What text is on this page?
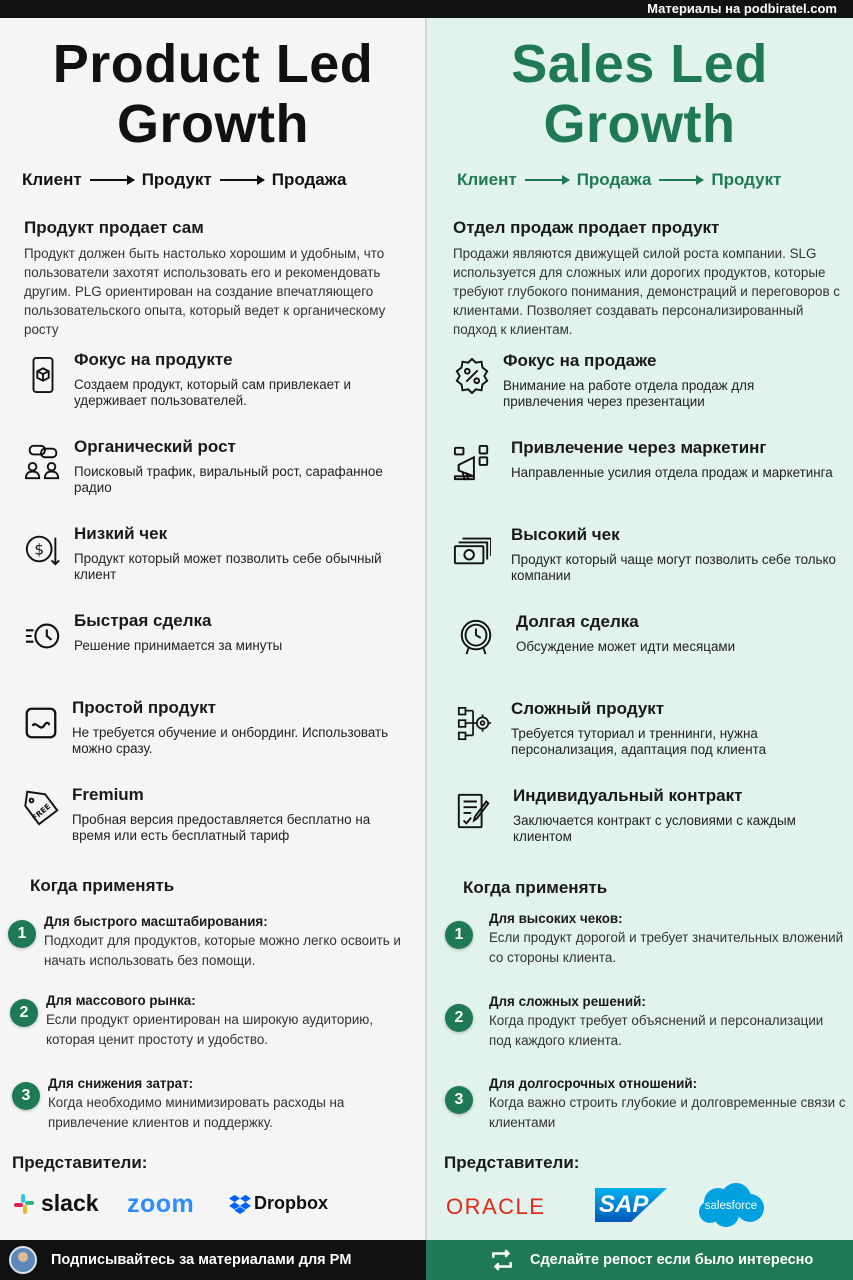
Материалы на podbiratel.com
Product Led
Growth
Клиент	Продукт	Продажа
Продукт продает сам
Продукт должен быть настолько хорошим и удобным, что пользователи захотят использовать его и рекомендовать другим. PLG ориентирован на создание впечатляющего пользовательского опыта, который ведет к органическому росту
Фокус на продукте
Создаем продукт, который сам привлекает и удерживает пользователей.
Органический рост
Поисковый трафик, виральный рост, сарафанное радио
$
Низкий чек
Продукт который может позволить себе обычный клиент
Быстрая сделка
Решение принимается за минуты
Простой продукт
Не требуется обучение и онбординг. Использовать можно сразу.
FREE
Fremium
Пробная версия предоставляется бесплатно на время или есть бесплатный тариф
Когда применять
1
Для быстрого масштабирования:
Подходит для продуктов, которые можно легко освоить и начать использовать без помощи.
2
Для массового рынка:
Если продукт ориентирован на широкую аудиторию, которая ценит простоту и удобство.
3
Для снижения затрат:
Когда необходимо минимизировать расходы на привлечение клиентов и поддержку.
Представители:
slack zoom	Dropbox
Sales Led
Growth
Клиент	Продажа	Продукт
Отдел продаж продает продукт
Продажи являются движущей силой роста компании. SLG используется для сложных или дорогих продуктов, которые требуют глубокого понимания, демонстраций и переговоров с клиентами. Позволяет создавать персонализированный подход к клиентам.
Фокус на продаже
Внимание на работе отдела продаж для привлечения через презентации
Привлечение через маркетинг
Направленные усилия отдела продаж и маркетинга
Высокий чек
Продукт который чаще могут позволить себе только компании
Долгая сделка
Обсуждение может идти месяцами
Сложный продукт
Требуется туториал и треннинги, нужна персонализация, адаптация под клиента
Индивидуальный контракт
Заключается контракт с условиями с каждым клиентом
Когда применять
1
Для высоких чеков:
Если продукт дорогой и требует значительных вложений со стороны клиента.
2
Для сложных решений:
Когда продукт требует объяснений и персонализации под каждого клиента.
3
Для долгосрочных отношений:
Когда важно строить глубокие и долговременные связи с клиентами
Представители:
ORACLE SAP	salesforce
Подписывайтесь за материалами для PM	Сделайте репост если было интересно
